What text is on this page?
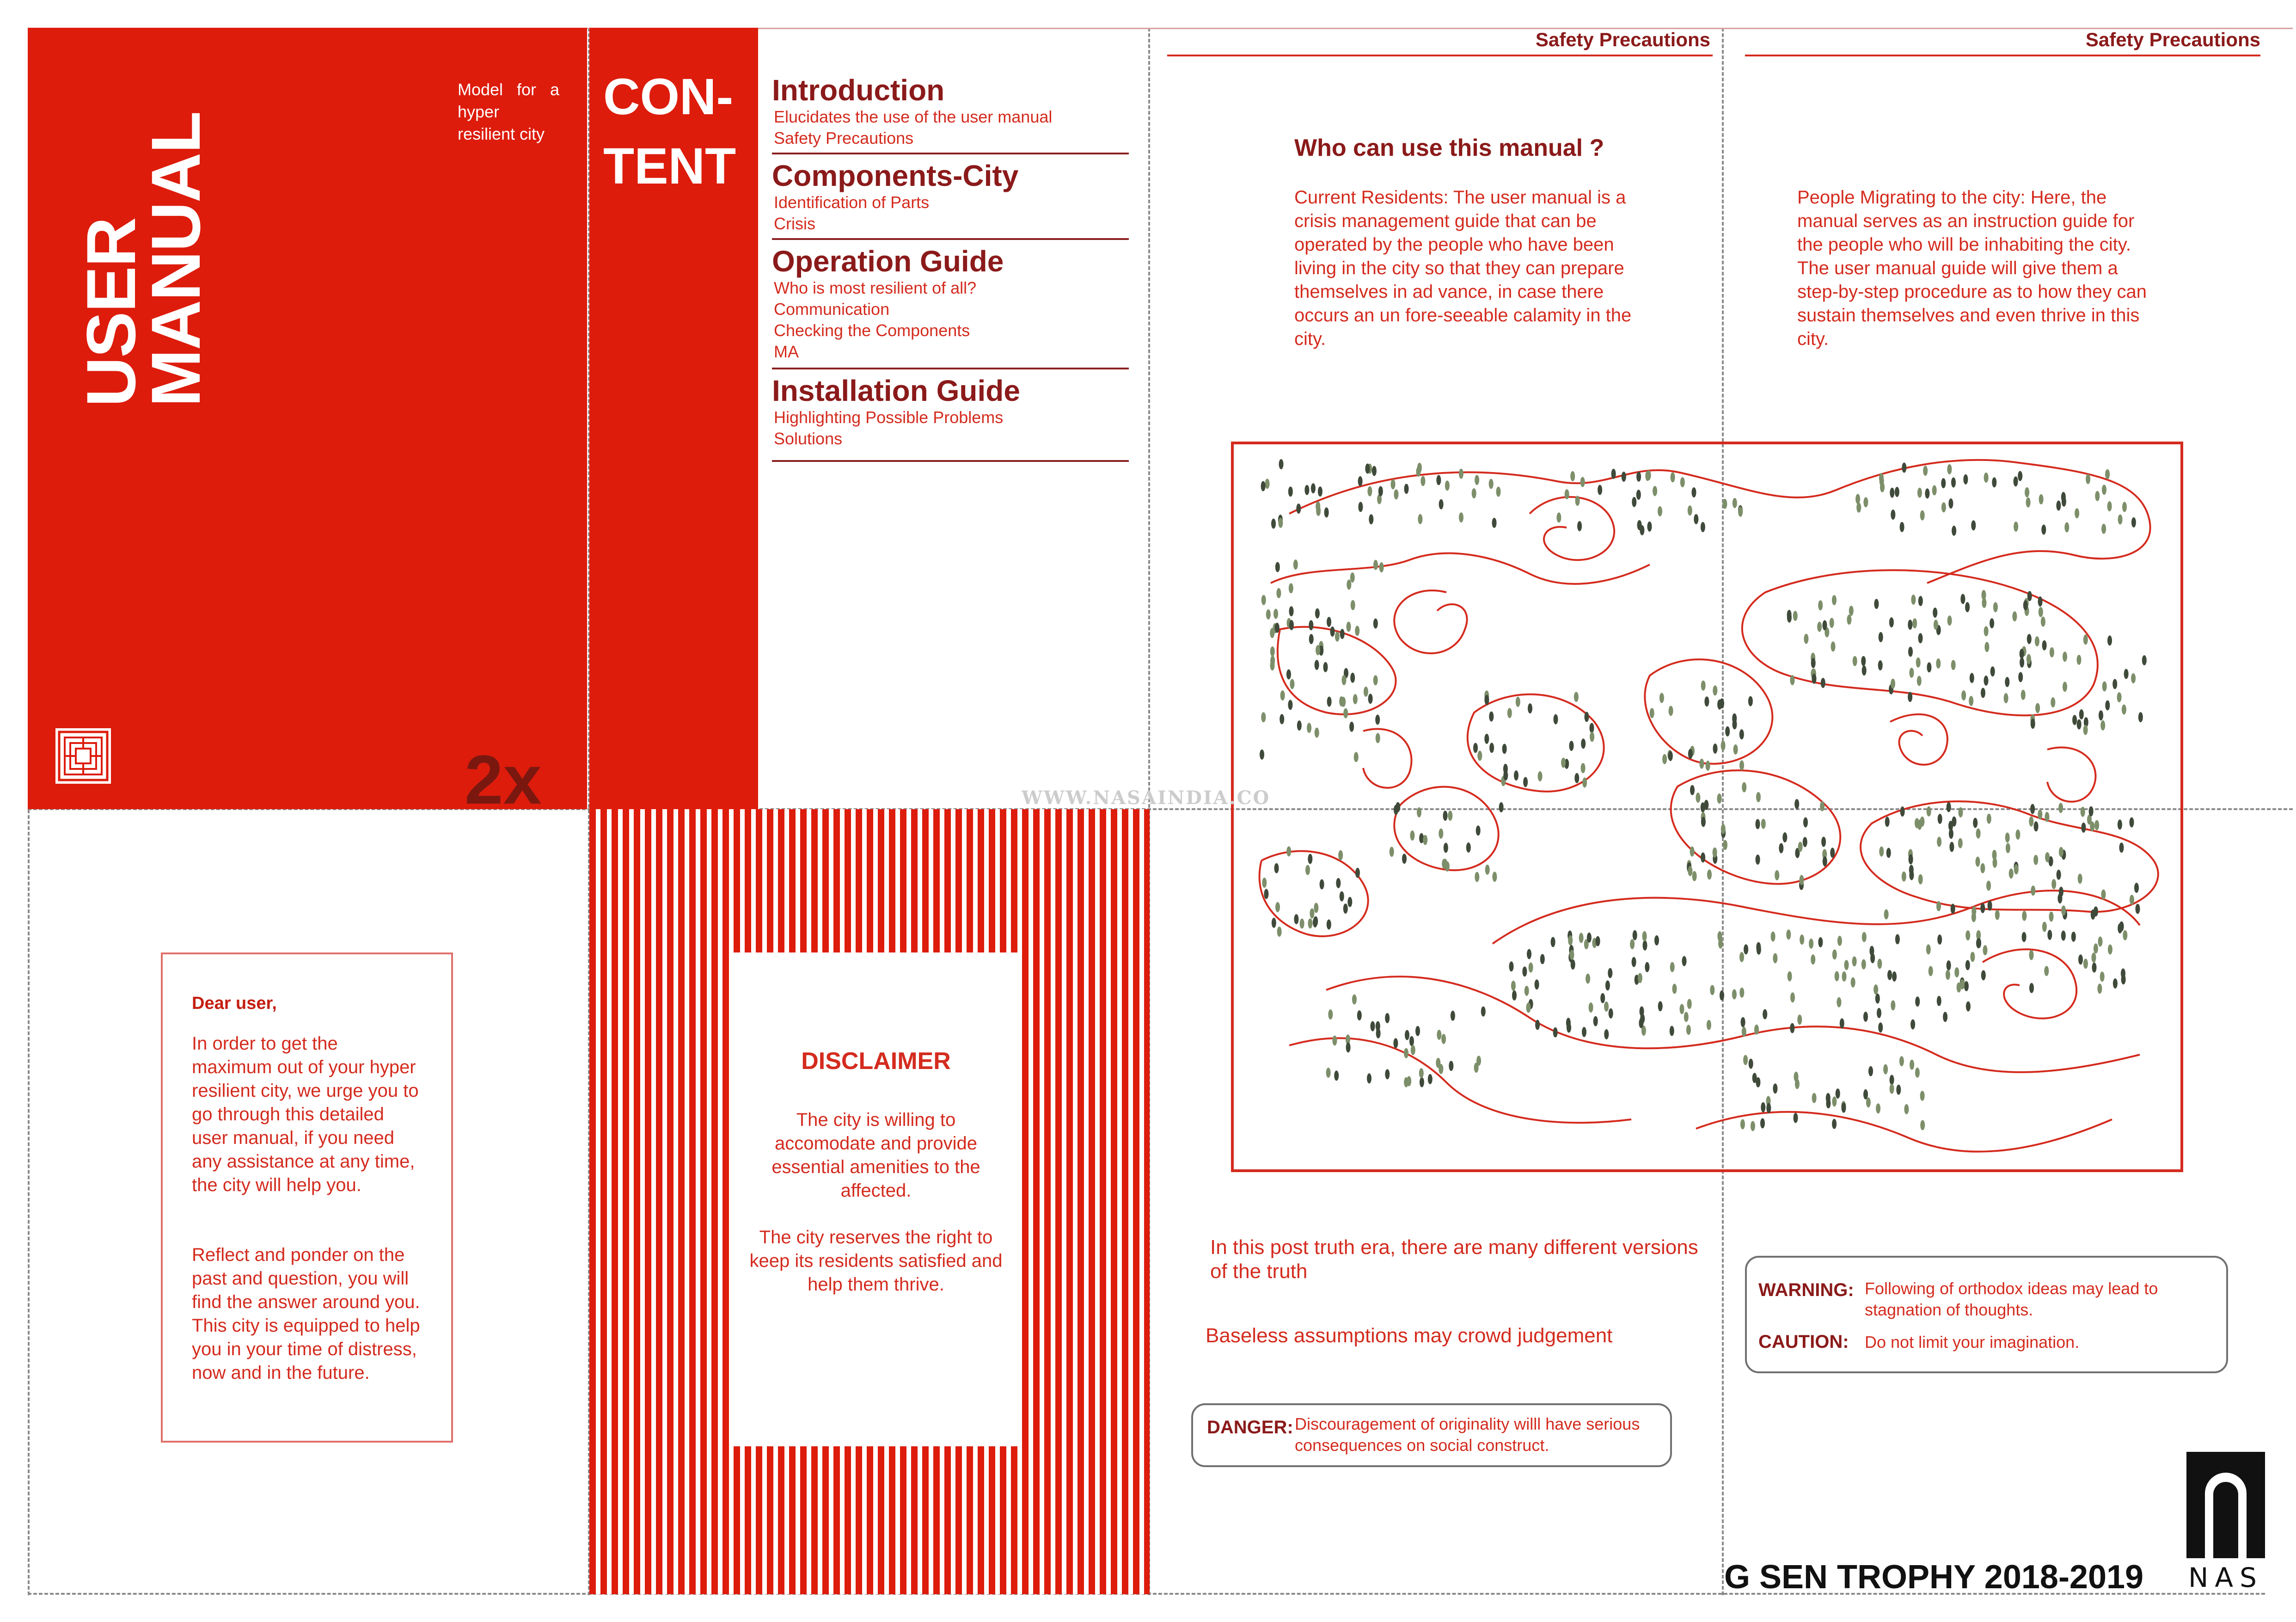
USER
MANUAL
Model for a hyper resilient city
2x
CON-
TENT
Introduction
Elucidates the use of the user manual
Safety Precautions
Components-City
Identification of Parts
Crisis
Operation Guide
Who is most resilient of all?
Communication
Checking the Components
MA
Installation Guide
Highlighting Possible Problems
Solutions
Dear user,
In order to get the maximum out of your hyper resilient city, we urge you to go through this detailed user manual, if you need any assistance at any time, the city will help you.
Reflect and ponder on the past and question, you will find the answer around you. This city is equipped to help you in your time of distress, now and in the future.
DISCLAIMER
The city is willing to accomodate and provide essential amenities to the affected.
The city reserves the right to keep its residents satisfied and help them thrive.
Safety Precautions	Safety Precautions
Who can use this manual ?
Current Residents: The user manual is a crisis management guide that can be operated by the people who have been living in the city so that they can prepare themselves in ad vance, in case there occurs an un fore-seeable calamity in the city.
People Migrating to the city: Here, the manual serves as an instruction guide for the people who will be inhabiting the city. The user manual guide will give them a step-by-step procedure as to how they can sustain themselves and even thrive in this city.
In this post truth era, there are many different versions of the truth
Baseless assumptions may crowd judgement
DANGER: Discouragement of originality willl have serious consequences on social construct.
WARNING: Following of orthodox ideas may lead to stagnation of thoughts.
CAUTION: Do not limit your imagination.
WWW.NASAINDIA.CO
G SEN TROPHY 2018-2019 NAS
